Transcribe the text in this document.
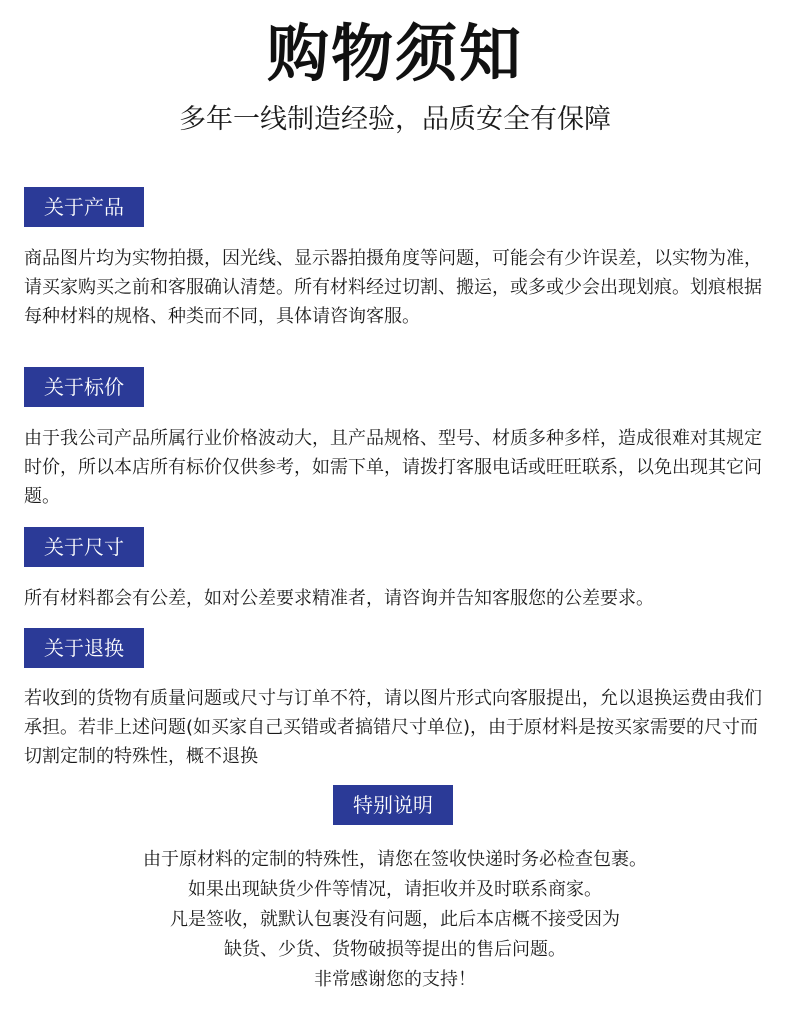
购物须知
多年一线制造经验，品质安全有保障
关于产品

商品图片均为实物拍摄，因光线、显示器拍摄角度等问题，可能会有少许误差，以实物为准，请买家购买之前和客服确认清楚。所有材料经过切割、搬运，或多或少会出现划痕。划痕根据每种材料的规格、种类而不同，具体请咨询客服。

关于标价

由于我公司产品所属行业价格波动大，且产品规格、型号、材质多种多样，造成很难对其规定时价，所以本店所有标价仅供参考，如需下单，请拨打客服电话或旺旺联系，以免出现其它问题。

关于尺寸

所有材料都会有公差，如对公差要求精准者，请咨询并告知客服您的公差要求。

关于退换

若收到的货物有质量问题或尺寸与订单不符，请以图片形式向客服提出，允以退换运费由我们承担。若非上述问题(如买家自己买错或者搞错尺寸单位)，由于原材料是按买家需要的尺寸而切割定制的特殊性，概不退换

特别说明
由于原材料的定制的特殊性，请您在签收快递时务必检查包裹。
如果出现缺货少件等情况，请拒收并及时联系商家。
凡是签收，就默认包裹没有问题，此后本店概不接受因为
缺货、少货、货物破损等提出的售后问题。
非常感谢您的支持！
